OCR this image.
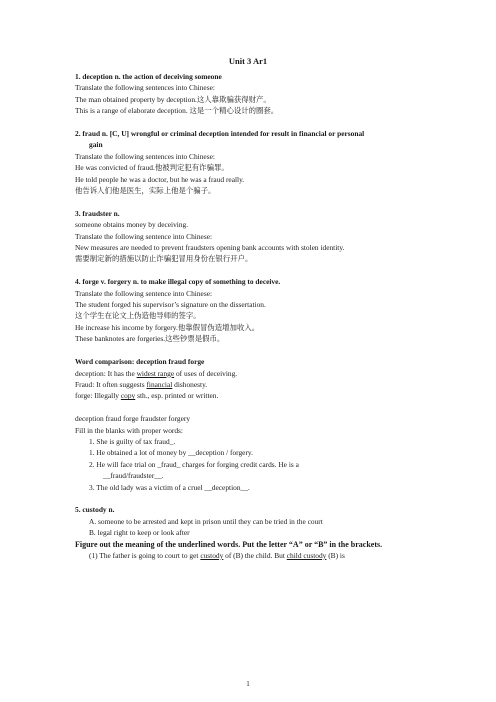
Unit 3 Ar1

1. deception n. the action of deceiving someone

Translate the following sentences into Chinese:

The man obtained property by deception.这人靠欺骗获得财产。

This is a range of elaborate deception. 这是一个精心设计的圈套。

2. fraud n. [C, U] wrongful or criminal deception intended for result in financial or personal

gain

Translate the following sentences into Chinese:

He was convicted of fraud.他被判定犯有诈骗罪。

He told people he was a doctor, but he was a fraud really.

他告诉人们他是医生，实际上他是个骗子。

3. fraudster n.

someone obtains money by deceiving.

Translate the following sentence into Chinese:

New measures are needed to prevent fraudsters opening bank accounts with stolen identity.

需要制定新的措施以防止诈骗犯冒用身份在银行开户。

4. forge v. forgery n. to make illegal copy of something to deceive.

Translate the following sentence into Chinese:

The student forged his supervisor’s signature on the dissertation.

这个学生在论文上伪造他导师的签字。

He increase his income by forgery.他靠假冒伪造增加收入。

These banknotes are forgeries.这些钞票是假币。

Word comparison: deception fraud forge

deception: It has the widest range of uses of deceiving.

Fraud: It often suggests financial dishonesty.

forge: Illegally copy sth., esp. printed or written.

deception fraud forge fraudster forgery

Fill in the blanks with proper words:

1. She is guilty of tax fraud_.

1. He obtained a lot of money by __deception / forgery.

2. He will face trial on _fraud_ charges for forging credit cards. He is a

__fraud/fraudster__.

3. The old lady was a victim of a cruel __deception__.

5. custody n.

A. someone to be arrested and kept in prison until they can be tried in the court

B. legal right to keep or look after

Figure out the meaning of the underlined words. Put the letter “A” or “B” in the brackets.

(1) The father is going to court to get custody of (B) the child. But child custody (B) is

1
